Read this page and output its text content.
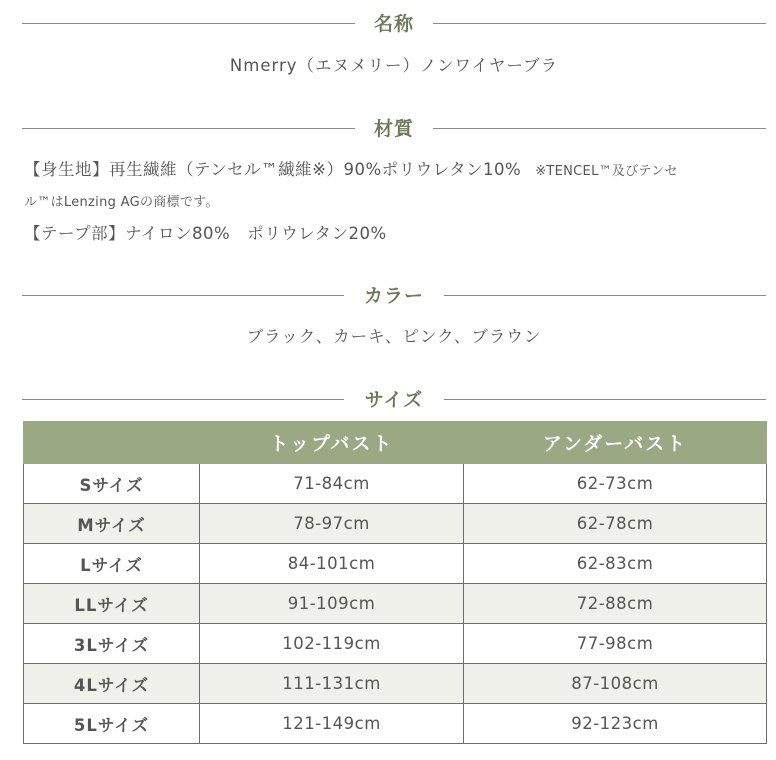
名称
Nmerry（エヌメリー）ノンワイヤーブラ
材質
【身生地】再生繊維（テンセル™繊維※）90%ポリウレタン10% ※TENCEL™及びテンセ
ル™はLenzing AGの商標です。
【テープ部】ナイロン80%　ポリウレタン20%
カラー
ブラック、カーキ、ピンク、ブラウン
サイズ
	トップバスト	アンダーバスト
Sサイズ	71-84cm	62-73cm
Mサイズ	78-97cm	62-78cm
Lサイズ	84-101cm	62-83cm
LLサイズ	91-109cm	72-88cm
3Lサイズ	102-119cm	77-98cm
4Lサイズ	111-131cm	87-108cm
5Lサイズ	121-149cm	92-123cm
